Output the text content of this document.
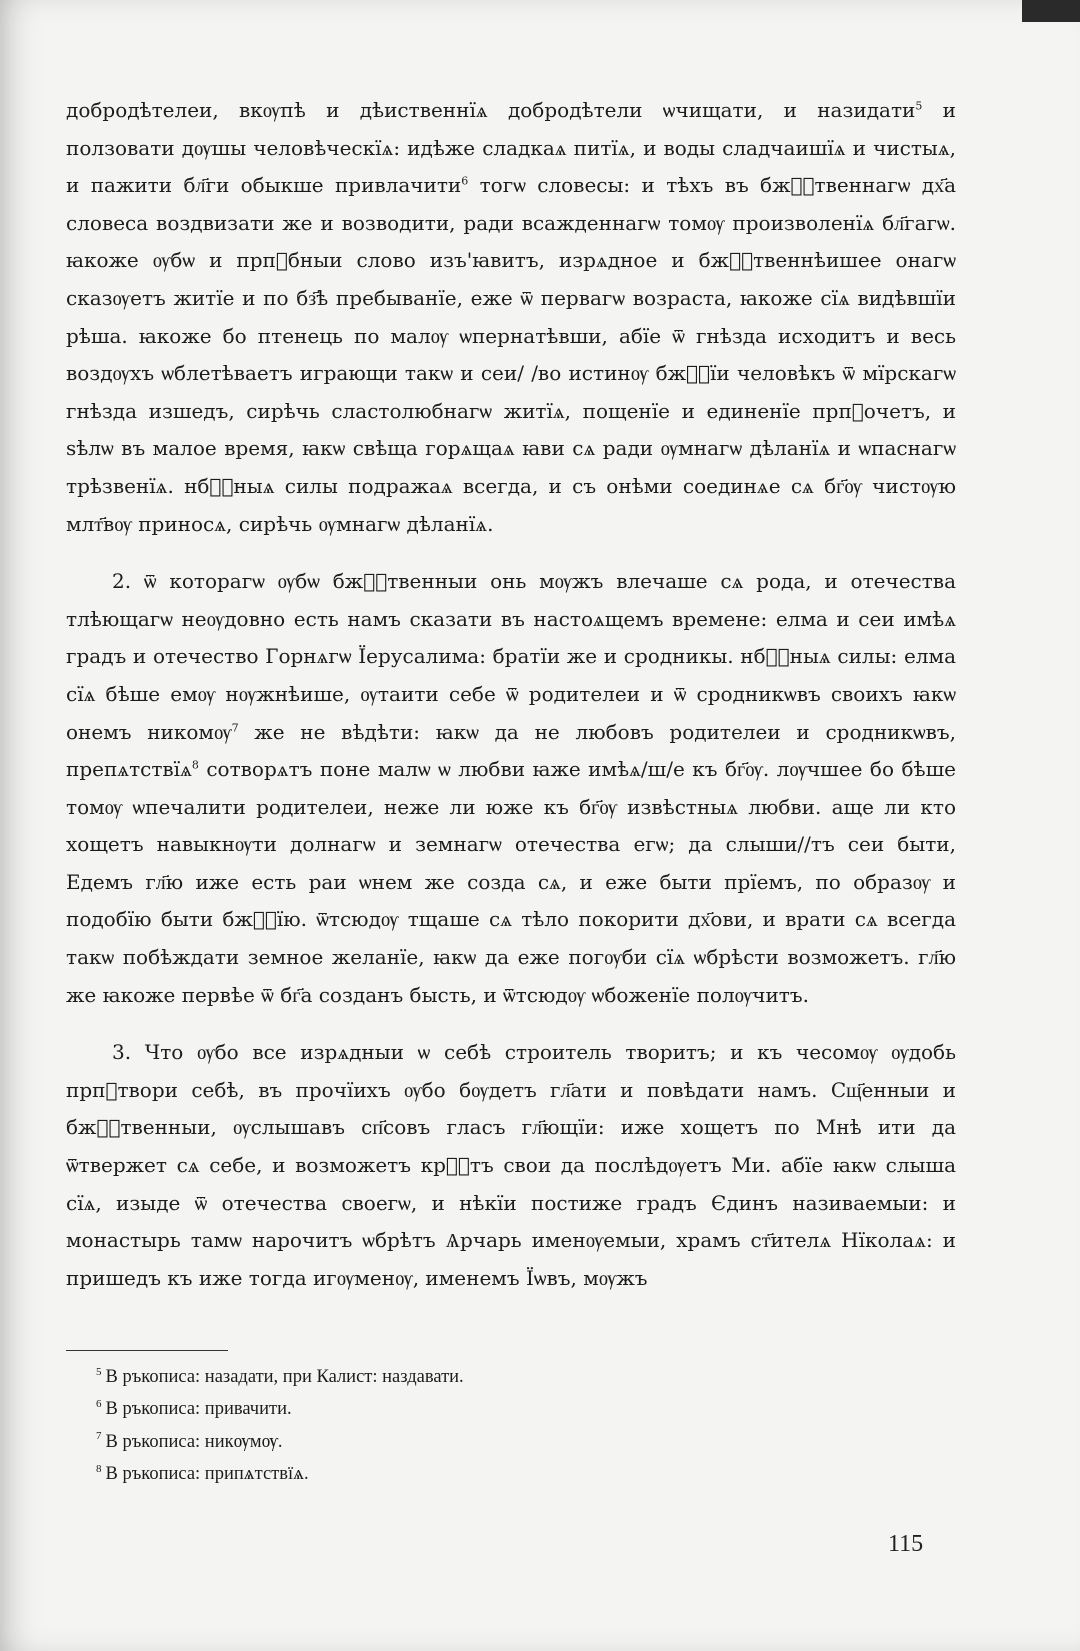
добродѣтелеи, вкѹпѣ и дѣиственнїѧ добродѣтели ѡчищати, и назидати$^5$ и ползовати дѹшы человѣческїѧ: идѣже сладкаѧ питїѧ, и воды сладчаишїѧ и чистыѧ, и пажити бл҃ги обыкше привлачити$^6$ тогѡ словесы: и тѣхъ въ бжⷭ҇твеннагѡ дх҃а словеса воздвизати же и возводити, ради всажденнагѡ томѹ произволенїѧ бл҃гагѡ. ꙗкоже ѹбѡ и прпⷣбныи слово изъ'ꙗвитъ, изрѧдное и бжⷭ҇твеннѣишее онагѡ сказѹетъ житїе и по бз҃ѣ пребыванїе, еже ѿ первагѡ возраста, ꙗкоже сїѧ видѣвшїи рѣша. ꙗкоже бо птенець по малѹ ѡпернатѣвши, абїе ѿ гнѣзда исходитъ и весь воздѹхъ ѡблетѣваетъ играющи такѡ и сеи/ /во истинѹ бжⷭ҇їи человѣкъ ѿ мїрскагѡ гнѣзда изшедъ, сирѣчь сластолюбнагѡ житїѧ, пощенїе и единенїе прпⷣочетъ, и ѕѣлѡ въ малое время, ꙗкѡ свѣща горѧщаѧ ꙗви сѧ ради ѹмнагѡ дѣланїѧ и ѡпаснагѡ трѣзвенїѧ. нбⷭ҇ныѧ силы подражаѧ всегда, и съ онѣми соединѧе сѧ бг҃ѹ чистѹю млт҃вѹ приносѧ, сирѣчь ѹмнагѡ дѣланїѧ.

2. ѿ котoрагѡ ѹбѡ бжⷭ҇твенныи онь мѹжъ влечаше сѧ рода, и отечества тлѣющагѡ неѹдовно есть намъ сказати въ настоѧщемъ времене: елма и сеи имѣѧ градъ и отечество Горнѧгѡ Їерусалима: братїи же и сродникы. нбⷭ҇ныѧ силы: елма сїѧ бѣше емѹ нѹжнѣише, ѹтаити себе ѿ родителеи и ѿ сродникѡвъ своихъ ꙗкѡ онемъ никомѹ$^7$ же не вѣдѣти: ꙗкѡ да не любовъ родителеи и сродникѡвъ, препѧтствїѧ$^8$ сотворѧтъ поне малѡ ѡ любви ꙗже имѣѧ/ш/е къ бг҃ѹ. лѹчшее бо бѣше томѹ ѡпечалити родителеи, неже ли юже къ бг҃ѹ извѣстныѧ любви. аще ли кто хощетъ навыкнѹти долнагѡ и земнагѡ отечества егѡ; да слыши//тъ сеи быти, Едемъ гл҃ю иже есть раи ѡнем же созда сѧ, и еже быти прїемъ, по образѹ и подобїю быти бжⷭ҇їю. ѿтсюдѹ тщаше сѧ тѣло покорити дх҃ови, и врати сѧ всегда такѡ побѣждати земное желанїе, ꙗкѡ да еже погѹби сїѧ ѡбрѣсти возможетъ. гл҃ю же ꙗкоже первѣе ѿ бг҃а созданъ бысть, и ѿтсюдѹ ѡбоженїе полѹчитъ.

3. Что ѹбо все изрѧдныи ѡ себѣ строитель творитъ; и къ чесомѹ ѹдобь прпⷣтвори себѣ, въ прочїихъ ѹбо бѹдетъ гл҃ати и повѣдати намъ. Сщ҃енныи и бжⷭ҇твенныи, ѹслышавъ сп҃совъ гласъ гл҃ющїи: иже хощетъ по Мнѣ ити да ѿтвержет сѧ себе, и возможетъ крⷭ҇тъ свои да послѣдѹетъ Ми. абїе ꙗкѡ слыша сїѧ, изыде ѿ отечества своегѡ, и нѣкїи постиже градъ Єдинъ називаемыи: и монастырь тамѡ нарочитъ ѡбрѣтъ Ѧрчарь именѹемыи, храмъ ст҃ителѧ Нїколаѧ: и пришедъ къ иже тогда игѹменѹ, именемъ Їѡвъ, мѹжъ

$^5$ В ръкописа: назадати, при Калист: наздавати.
$^6$ В ръкописа: привачити.
$^7$ В ръкописа: никѹмѹ.
$^8$ В ръкописа: припѧтствїѧ.
115
